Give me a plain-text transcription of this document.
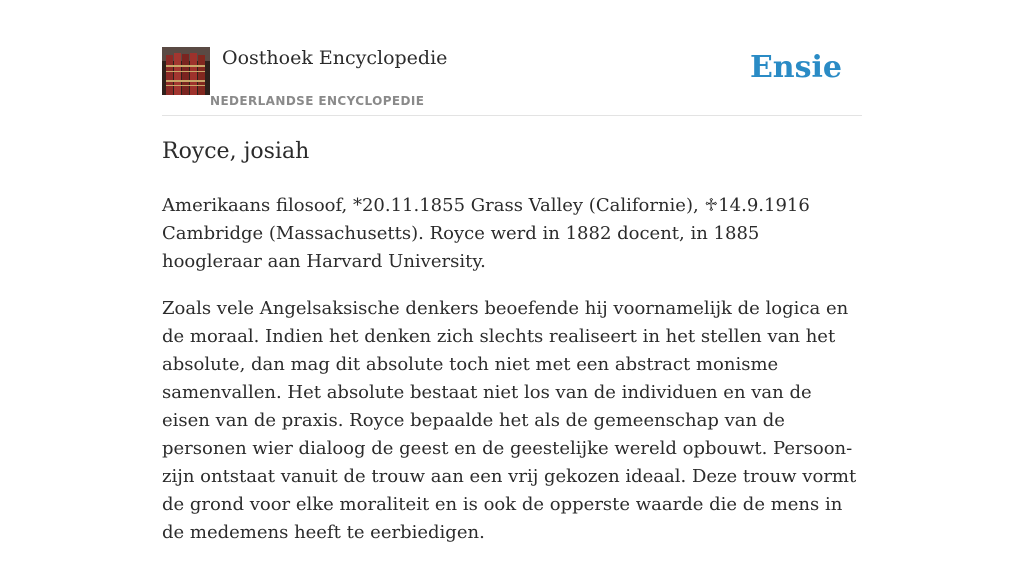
Oosthoek Encyclopedie
NEDERLANDSE ENCYCLOPEDIE
Ensie
Royce, josiah

Amerikaans filosoof, *20.11.1855 Grass Valley (Californie), ♱14.9.1916 Cambridge (Massachusetts). Royce werd in 1882 docent, in 1885 hoogleraar aan Harvard University.

Zoals vele Angelsaksische denkers beoefende hij voornamelijk de logica en de moraal. Indien het denken zich slechts realiseert in het stellen van het absolute, dan mag dit absolute toch niet met een abstract monisme samenvallen. Het absolute bestaat niet los van de individuen en van de eisen van de praxis. Royce bepaalde het als de gemeenschap van de personen wier dialoog de geest en de geestelijke wereld opbouwt. Persoon-zijn ontstaat vanuit de trouw aan een vrij gekozen ideaal. Deze trouw vormt de grond voor elke moraliteit en is ook de opperste waarde die de mens in de medemens heeft te eerbiedigen.
